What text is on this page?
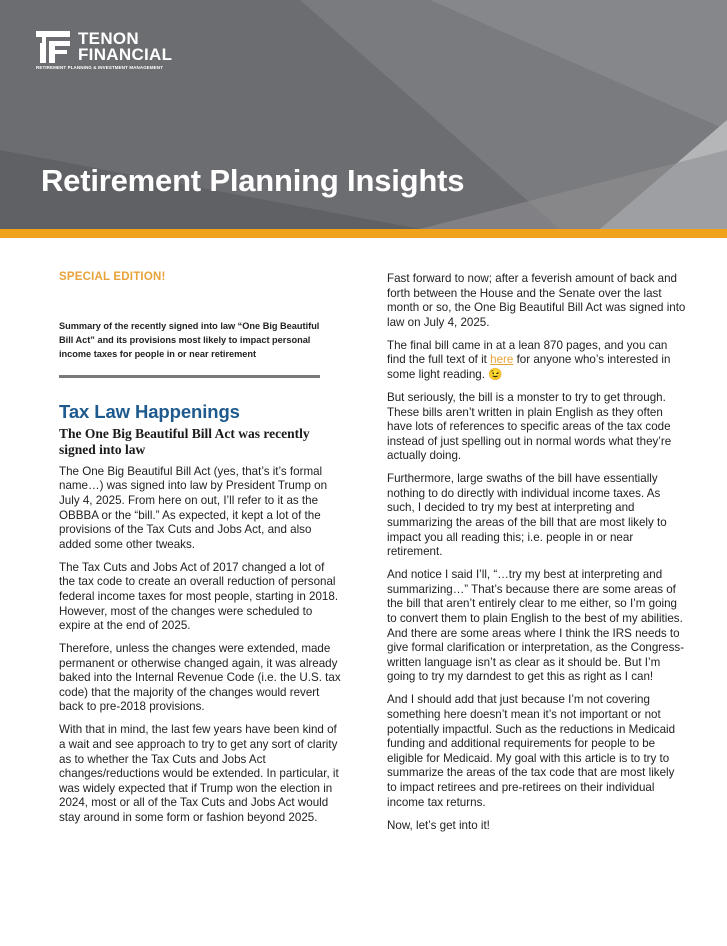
TENON
FINANCIAL
RETIREMENT PLANNING & INVESTMENT MANAGEMENT
Retirement Planning Insights
SPECIAL EDITION!
Summary of the recently signed into law “One Big Beautiful Bill Act” and its provisions most likely to impact personal income taxes for people in or near retirement
Tax Law Happenings
The One Big Beautiful Bill Act was recently signed into law

The One Big Beautiful Bill Act (yes, that’s it’s formal name…) was signed into law by President Trump on July 4, 2025. From here on out, I’ll refer to it as the OBBBA or the “bill.” As expected, it kept a lot of the provisions of the Tax Cuts and Jobs Act, and also added some other tweaks.

The Tax Cuts and Jobs Act of 2017 changed a lot of the tax code to create an overall reduction of personal federal income taxes for most people, starting in 2018. However, most of the changes were scheduled to expire at the end of 2025.

Therefore, unless the changes were extended, made permanent or otherwise changed again, it was already baked into the Internal Revenue Code (i.e. the U.S. tax code) that the majority of the changes would revert back to pre-2018 provisions.

With that in mind, the last few years have been kind of a wait and see approach to try to get any sort of clarity as to whether the Tax Cuts and Jobs Act changes/reductions would be extended. In particular, it was widely expected that if Trump won the election in 2024, most or all of the Tax Cuts and Jobs Act would stay around in some form or fashion beyond 2025.

Fast forward to now; after a feverish amount of back and forth between the House and the Senate over the last month or so, the One Big Beautiful Bill Act was signed into law on July 4, 2025.

The final bill came in at a lean 870 pages, and you can find the full text of it here for anyone who’s interested in some light reading. 😉

But seriously, the bill is a monster to try to get through. These bills aren’t written in plain English as they often have lots of references to specific areas of the tax code instead of just spelling out in normal words what they’re actually doing.

Furthermore, large swaths of the bill have essentially nothing to do directly with individual income taxes. As such, I decided to try my best at interpreting and summarizing the areas of the bill that are most likely to impact you all reading this; i.e. people in or near retirement.

And notice I said I’ll, “…try my best at interpreting and summarizing…” That’s because there are some areas of the bill that aren’t entirely clear to me either, so I’m going to convert them to plain English to the best of my abilities. And there are some areas where I think the IRS needs to give formal clarification or interpretation, as the Congress-written language isn’t as clear as it should be. But I’m going to try my darndest to get this as right as I can!

And I should add that just because I’m not covering something here doesn’t mean it’s not important or not potentially impactful. Such as the reductions in Medicaid funding and additional requirements for people to be eligible for Medicaid. My goal with this article is to try to summarize the areas of the tax code that are most likely to impact retirees and pre-retirees on their individual income tax returns.

Now, let’s get into it!
